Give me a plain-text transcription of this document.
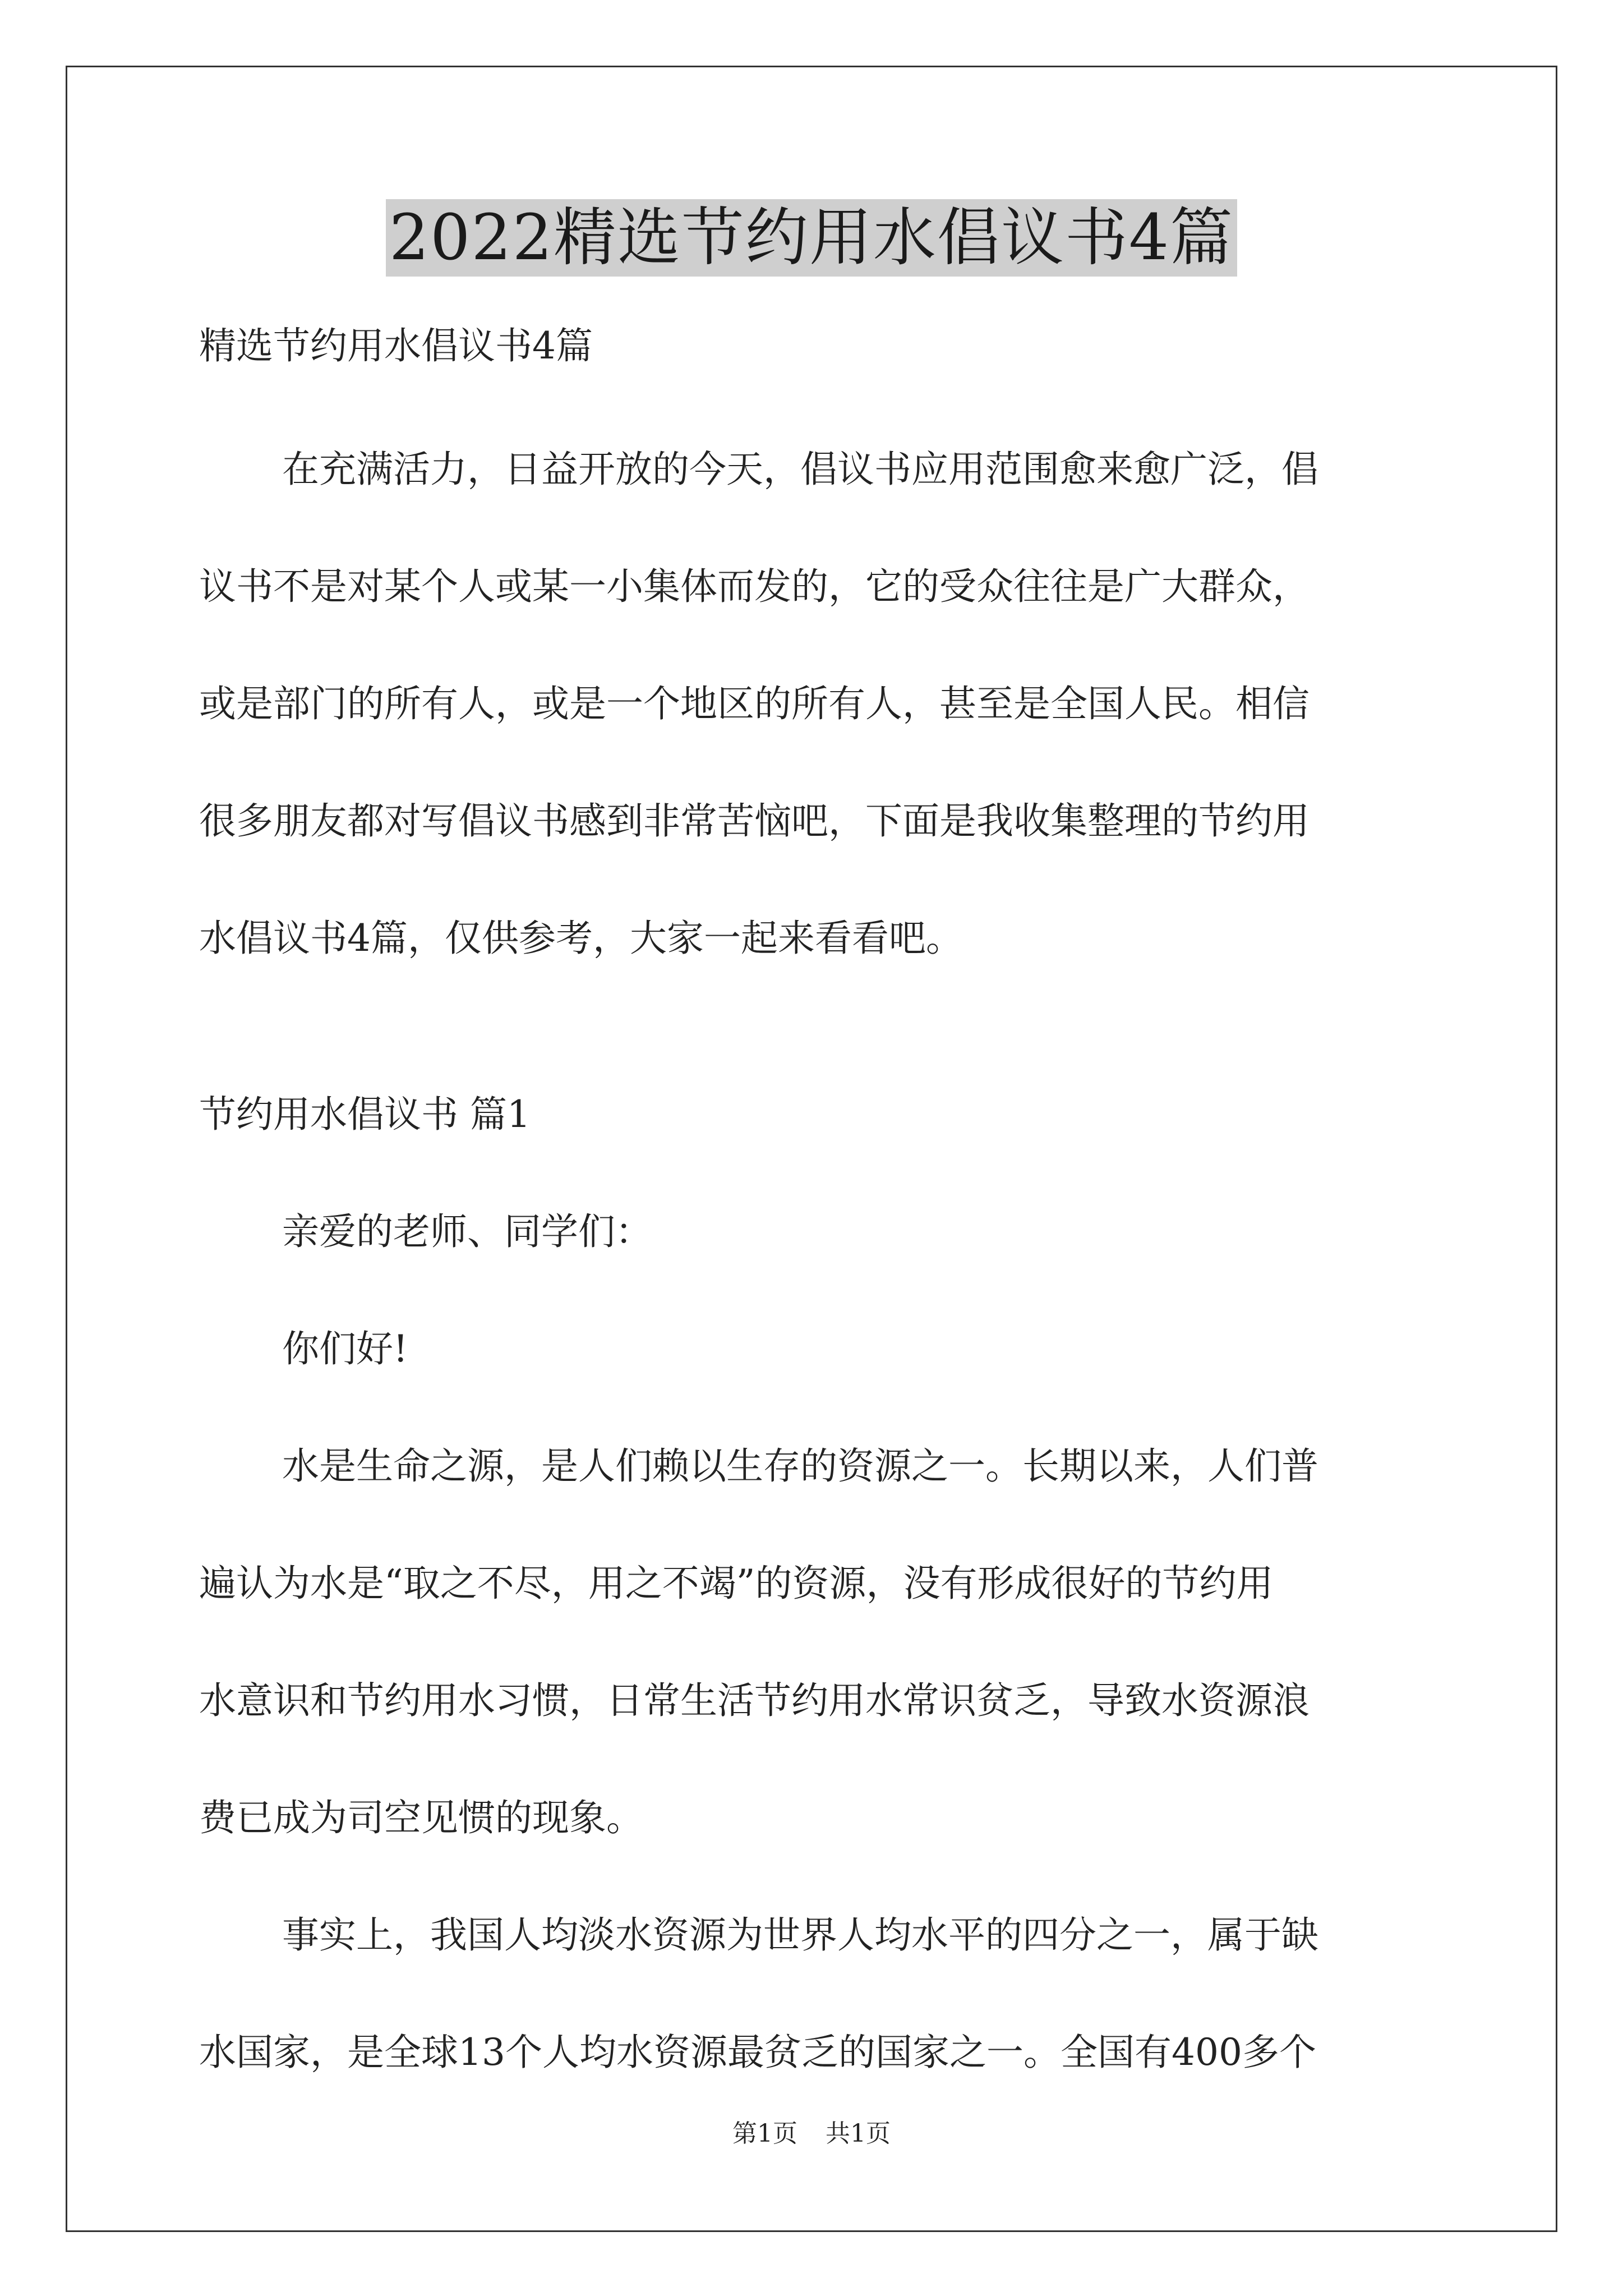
2022精选节约用水倡议书4篇
精选节约用水倡议书4篇
在充满活力，日益开放的今天，倡议书应用范围愈来愈广泛，倡
议书不是对某个人或某一小集体而发的，它的受众往往是广大群众，
或是部门的所有人，或是一个地区的所有人，甚至是全国人民。相信
很多朋友都对写倡议书感到非常苦恼吧，下面是我收集整理的节约用
水倡议书4篇，仅供参考，大家一起来看看吧。
节约用水倡议书 篇1
亲爱的老师、同学们：
你们好!
水是生命之源，是人们赖以生存的资源之一。长期以来，人们普
遍认为水是“取之不尽，用之不竭”的资源，没有形成很好的节约用
水意识和节约用水习惯，日常生活节约用水常识贫乏，导致水资源浪
费已成为司空见惯的现象。
事实上，我国人均淡水资源为世界人均水平的四分之一，属于缺
水国家，是全球13个人均水资源最贫乏的国家之一。全国有400多个
第1页 共1页
